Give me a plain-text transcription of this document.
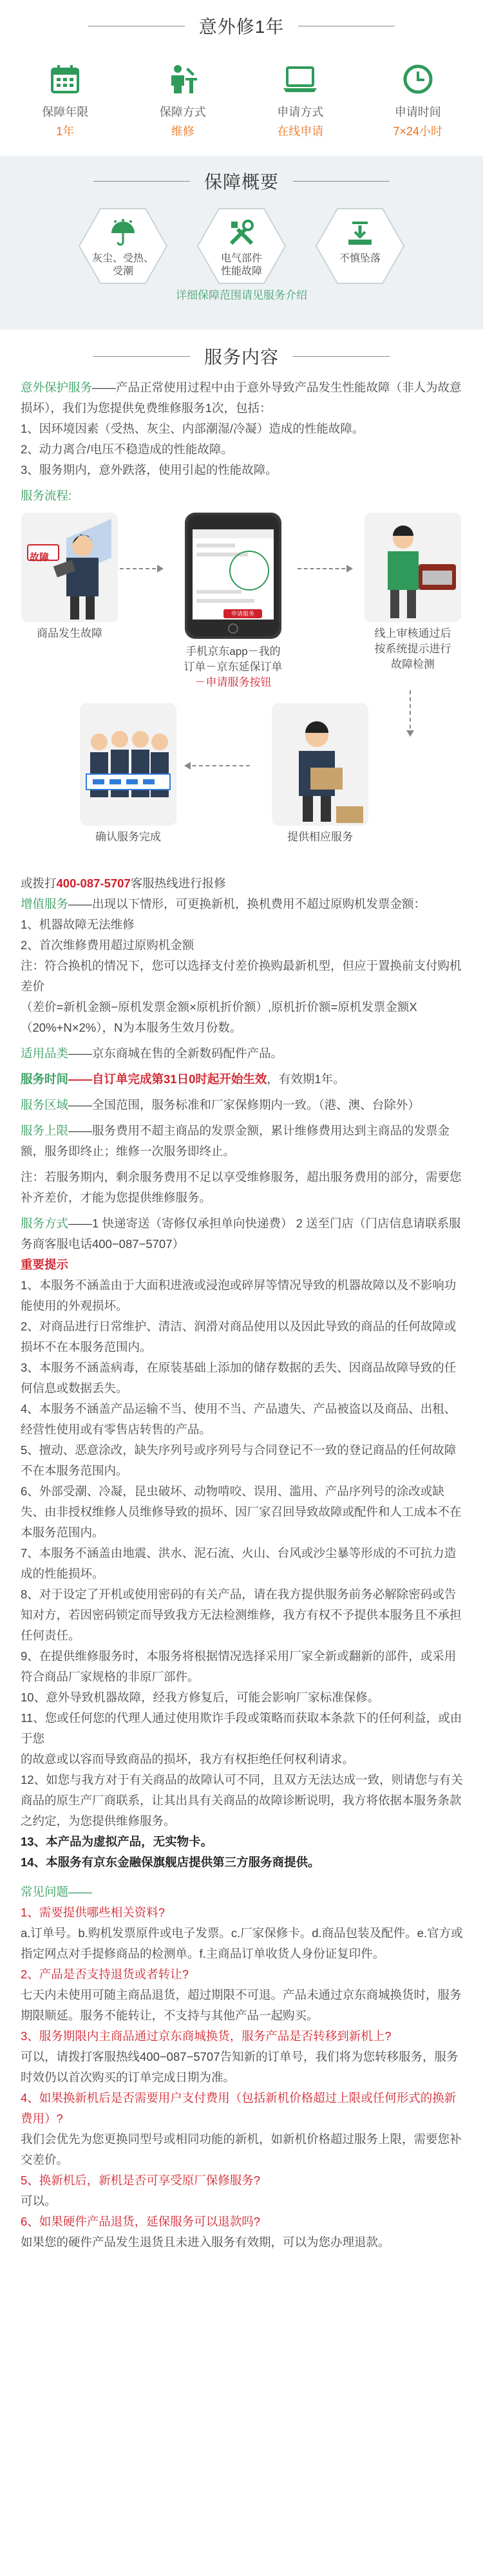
意外修1年
保障年限
1年
保障方式
维修
申请方式
在线申请
申请时间
7×24小时
保障概要
灰尘、受热、
受潮
电气部件
性能故障
不慎坠落

详细保障范围请见服务介绍
服务内容

意外保护服务——产品正常使用过程中由于意外导致产品发生性能故障（非人为故意损坏），我们为您提供免费维修服务1次，包括：

1、因环境因素（受热、灰尘、内部潮湿/冷凝）造成的性能故障。

2、动力离合/电压不稳造成的性能故障。

3、服务期内，意外跌落，使用引起的性能故障。

服务流程:

故障
商品发生故障
申请服务
手机京东app－我的
订单－京东延保订单
－申请服务按钮
线上审核通过后
按系统提示进行
故障检测
提供相应服务
确认服务完成

或拨打400-087-5707客服热线进行报修

增值服务——出现以下情形，可更换新机，换机费用不超过原购机发票金额：

1、机器故障无法维修

2、首次维修费用超过原购机金额

注：符合换机的情况下，您可以选择支付差价换购最新机型，但应于置换前支付购机差价

（差价=新机金额−原机发票金额×原机折价额）,原机折价额=原机发票金额X（20%+N×2%），N为本服务生效月份数。

适用品类——京东商城在售的全新数码配件产品。

服务时间——自订单完成第31日0时起开始生效，有效期1年。

服务区域——全国范围，服务标准和厂家保修期内一致。（港、澳、台除外）

服务上限——服务费用不超主商品的发票金额，累计维修费用达到主商品的发票金额，服务即终止；维修一次服务即终止。

注：若服务期内，剩余服务费用不足以享受维修服务，超出服务费用的部分，需要您补齐差价，才能为您提供维修服务。

服务方式——1 快递寄送（寄修仅承担单向快递费） 2 送至门店（门店信息请联系服务商客服电话400−087−5707）

重要提示

1、本服务不涵盖由于大面积进液或浸泡或碎屏等情况导致的机器故障以及不影响功能使用的外观损坏。

2、对商品进行日常维护、清洁、润滑对商品使用以及因此导致的商品的任何故障或损坏不在本服务范围内。

3、本服务不涵盖病毒，在原装基础上添加的储存数据的丢失、因商品故障导致的任何信息或数据丢失。

4、本服务不涵盖产品运输不当、使用不当、产品遗失、产品被盗以及商品、出租、经营性使用或有零售店转售的产品。

5、擅动、恶意涂改，缺失序列号或序列号与合同登记不一致的登记商品的任何故障不在本服务范围内。

6、外部受潮、冷凝，昆虫破坏、动物啃咬、误用、滥用、产品序列号的涂改或缺失、由非授权维修人员维修导致的损坏、因厂家召回导致故障或配件和人工成本不在本服务范围内。

7、本服务不涵盖由地震、洪水、泥石流、火山、台风或沙尘暴等形成的不可抗力造成的性能损坏。

8、对于设定了开机或使用密码的有关产品，请在我方提供服务前务必解除密码或告知对方，若因密码锁定而导致我方无法检测维修，我方有权不予提供本服务且不承担任何责任。

9、在提供维修服务时，本服务将根据情况选择采用厂家全新或翻新的部件，或采用符合商品厂家规格的非原厂部件。

10、意外导致机器故障，经我方修复后，可能会影响厂家标准保修。

11、您或任何您的代理人通过使用欺诈手段或策略而获取本条款下的任何利益，或由于您

的故意或以容而导致商品的损坏，我方有权拒绝任何权利请求。

12、如您与我方对于有关商品的故障认可不同，且双方无法达成一致，则请您与有关商品的原生产厂商联系，让其出具有关商品的故障诊断说明，我方将依据本服务条款之约定，为您提供维修服务。

13、本产品为虚拟产品，无实物卡。

14、本服务有京东金融保旗舰店提供第三方服务商提供。

常见问题——

1、需要提供哪些相关资料?

a.订单号。b.购机发票原件或电子发票。c.厂家保修卡。d.商品包装及配件。e.官方或指定网点对手提修商品的检测单。f.主商品订单收货人身份证复印件。

2、产品是否支持退货或者转让?

七天内未使用可随主商品退货，超过期限不可退。产品未通过京东商城换货时，服务期限顺延。服务不能转让，不支持与其他产品一起购买。

3、服务期限内主商品通过京东商城换货，服务产品是否转移到新机上?

可以，请拨打客服热线400−087−5707告知新的订单号，我们将为您转移服务，服务时效仍以首次购买的订单完成日期为准。

4、如果换新机后是否需要用户支付费用（包括新机价格超过上限或任何形式的换新费用）?

我们会优先为您更换同型号或相同功能的新机，如新机价格超过服务上限，需要您补交差价。

5、换新机后，新机是否可享受原厂保修服务?

可以。

6、如果硬件产品退货，延保服务可以退款吗?

如果您的硬件产品发生退货且未进入服务有效期，可以为您办理退款。
